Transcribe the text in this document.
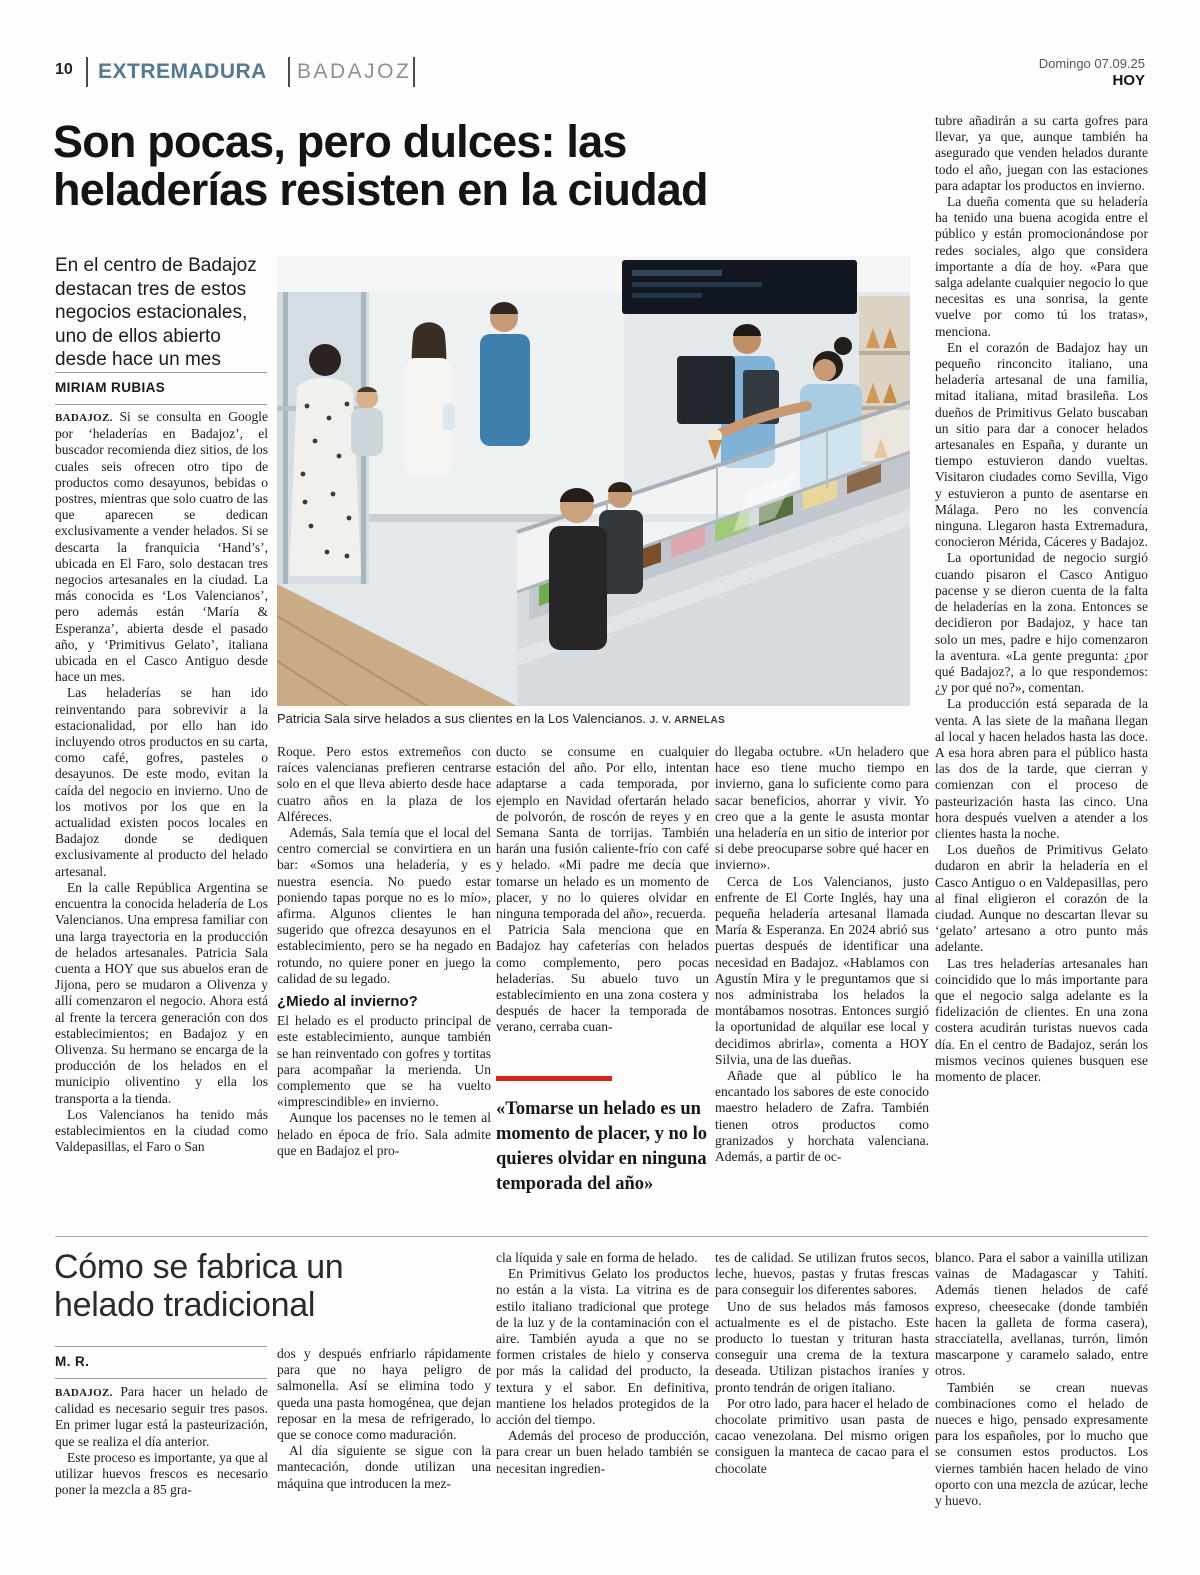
10 EXTREMADURA BADAJOZ	Domingo 07.09.25
HOY
Son pocas, pero dulces: las heladerías resisten en la ciudad

En el centro de Badajoz destacan tres de estos negocios estacionales, uno de ellos abierto desde hace un mes

MIRIAM RUBIAS
Patricia Sala sirve helados a sus clientes en la Los Valencianos. J. V. ARNELAS

BADAJOZ. Si se consulta en Google por ‘heladerías en Badajoz’, el buscador recomienda diez sitios, de los cuales seis ofrecen otro tipo de productos como desayunos, bebidas o postres, mientras que solo cuatro de las que aparecen se dedican exclusivamente a vender helados. Si se descarta la franquicia ‘Hand’s’, ubicada en El Faro, solo destacan tres negocios artesanales en la ciudad. La más conocida es ‘Los Valencianos’, pero además están ‘María & Esperanza’, abierta desde el pasado año, y ‘Primitivus Gelato’, italiana ubicada en el Casco Antiguo desde hace un mes.

Las heladerías se han ido reinventando para sobrevivir a la estacionalidad, por ello han ido incluyendo otros productos en su carta, como café, gofres, pasteles o desayunos. De este modo, evitan la caída del negocio en invierno. Uno de los motivos por los que en la actualidad existen pocos locales en Badajoz donde se dediquen exclusivamente al producto del helado artesanal.

En la calle República Argentina se encuentra la conocida heladería de Los Valencianos. Una empresa familiar con una larga trayectoria en la producción de helados artesanales. Patricia Sala cuenta a HOY que sus abuelos eran de Jijona, pero se mudaron a Olivenza y allí comenzaron el negocio. Ahora está al frente la tercera generación con dos establecimientos; en Badajoz y en Olivenza. Su hermano se encarga de la producción de los helados en el municipio oliventino y ella los transporta a la tienda.

Los Valencianos ha tenido más establecimientos en la ciudad como Valdepasillas, el Faro o San

Roque. Pero estos extremeños con raíces valencianas prefieren centrarse solo en el que lleva abierto desde hace cuatro años en la plaza de los Alféreces.

Además, Sala temía que el local del centro comercial se convirtiera en un bar: «Somos una heladería, y es nuestra esencia. No puedo estar poniendo tapas porque no es lo mío», afirma. Algunos clientes le han sugerido que ofrezca desayunos en el establecimiento, pero se ha negado en rotundo, no quiere poner en juego la calidad de su legado.

¿Miedo al invierno?

El helado es el producto principal de este establecimiento, aunque también se han reinventado con gofres y tortitas para acompañar la merienda. Un complemento que se ha vuelto «imprescindible» en invierno.

Aunque los pacenses no le temen al helado en época de frío. Sala admite que en Badajoz el pro-

ducto se consume en cualquier estación del año. Por ello, intentan adaptarse a cada temporada, por ejemplo en Navidad ofertarán helado de polvorón, de roscón de reyes y en Semana Santa de torrijas. También harán una fusión caliente-frío con café y helado. «Mi padre me decía que tomarse un helado es un momento de placer, y no lo quieres olvidar en ninguna temporada del año», recuerda.

Patricia Sala menciona que en Badajoz hay cafeterías con helados como complemento, pero pocas heladerías. Su abuelo tuvo un establecimiento en una zona costera y después de hacer la temporada de verano, cerraba cuan-

do llegaba octubre. «Un heladero que hace eso tiene mucho tiempo en invierno, gana lo suficiente como para sacar beneficios, ahorrar y vivir. Yo creo que a la gente le asusta montar una heladería en un sitio de interior por si debe preocuparse sobre qué hacer en invierno».

Cerca de Los Valencianos, justo enfrente de El Corte Inglés, hay una pequeña heladería artesanal llamada María & Esperanza. En 2024 abrió sus puertas después de identificar una necesidad en Badajoz. «Hablamos con Agustín Mira y le preguntamos que si nos administraba los helados la montábamos nosotras. Entonces surgió la oportunidad de alquilar ese local y decidimos abrirla», comenta a HOY Silvia, una de las dueñas.

Añade que al público le ha encantado los sabores de este conocido maestro heladero de Zafra. También tienen otros productos como granizados y horchata valenciana. Además, a partir de oc-

tubre añadirán a su carta gofres para llevar, ya que, aunque también ha asegurado que venden helados durante todo el año, juegan con las estaciones para adaptar los productos en invierno.

La dueña comenta que su heladería ha tenido una buena acogida entre el público y están promocionándose por redes sociales, algo que considera importante a día de hoy. «Para que salga adelante cualquier negocio lo que necesitas es una sonrisa, la gente vuelve por como tú los tratas», menciona.

En el corazón de Badajoz hay un pequeño rinconcito italiano, una heladería artesanal de una familia, mitad italiana, mitad brasileña. Los dueños de Primitivus Gelato buscaban un sitio para dar a conocer helados artesanales en España, y durante un tiempo estuvieron dando vueltas. Visitaron ciudades como Sevilla, Vigo y estuvieron a punto de asentarse en Málaga. Pero no les convencía ninguna. Llegaron hasta Extremadura, conocieron Mérida, Cáceres y Badajoz.

La oportunidad de negocio surgió cuando pisaron el Casco Antiguo pacense y se dieron cuenta de la falta de heladerías en la zona. Entonces se decidieron por Badajoz, y hace tan solo un mes, padre e hijo comenzaron la aventura. «La gente pregunta: ¿por qué Badajoz?, a lo que respondemos: ¿y por qué no?», comentan.

La producción está separada de la venta. A las siete de la mañana llegan al local y hacen helados hasta las doce. A esa hora abren para el público hasta las dos de la tarde, que cierran y comienzan con el proceso de pasteurización hasta las cinco. Una hora después vuelven a atender a los clientes hasta la noche.

Los dueños de Primitivus Gelato dudaron en abrir la heladería en el Casco Antiguo o en Valdepasillas, pero al final eligieron el corazón de la ciudad. Aunque no descartan llevar su ‘gelato’ artesano a otro punto más adelante.

Las tres heladerías artesanales han coincidido que lo más importante para que el negocio salga adelante es la fidelización de clientes. En una zona costera acudirán turistas nuevos cada día. En el centro de Badajoz, serán los mismos vecinos quienes busquen ese momento de placer.

«Tomarse un helado es un momento de placer, y no lo quieres olvidar en ninguna temporada del año»

Cómo se fabrica un helado tradicional
M. R.

BADAJOZ. Para hacer un helado de calidad es necesario seguir tres pasos. En primer lugar está la pasteurización, que se realiza el día anterior.

Este proceso es importante, ya que al utilizar huevos frescos es necesario poner la mezcla a 85 gra-

dos y después enfriarlo rápidamente para que no haya peligro de salmonella. Así se elimina todo y queda una pasta homogénea, que dejan reposar en la mesa de refrigerado, lo que se conoce como maduración.

Al día siguiente se sigue con la mantecación, donde utilizan una máquina que introducen la mez-

cla líquida y sale en forma de helado.

En Primitivus Gelato los productos no están a la vista. La vitrina es de estilo italiano tradicional que protege de la luz y de la contaminación con el aire. También ayuda a que no se formen cristales de hielo y conserva por más la calidad del producto, la textura y el sabor. En definitiva, mantiene los helados protegidos de la acción del tiempo.

Además del proceso de producción, para crear un buen helado también se necesitan ingredien-

tes de calidad. Se utilizan frutos secos, leche, huevos, pastas y frutas frescas para conseguir los diferentes sabores.

Uno de sus helados más famosos actualmente es el de pistacho. Este producto lo tuestan y trituran hasta conseguir una crema de la textura deseada. Utilizan pistachos iraníes y pronto tendrán de origen italiano.

Por otro lado, para hacer el helado de chocolate primitivo usan pasta de cacao venezolana. Del mismo origen consiguen la manteca de cacao para el chocolate

blanco. Para el sabor a vainilla utilizan vainas de Madagascar y Tahití. Además tienen helados de café expreso, cheesecake (donde también hacen la galleta de forma casera), stracciatella, avellanas, turrón, limón mascarpone y caramelo salado, entre otros.

También se crean nuevas combinaciones como el helado de nueces e higo, pensado expresamente para los españoles, por lo mucho que se consumen estos productos. Los viernes también hacen helado de vino oporto con una mezcla de azúcar, leche y huevo.
